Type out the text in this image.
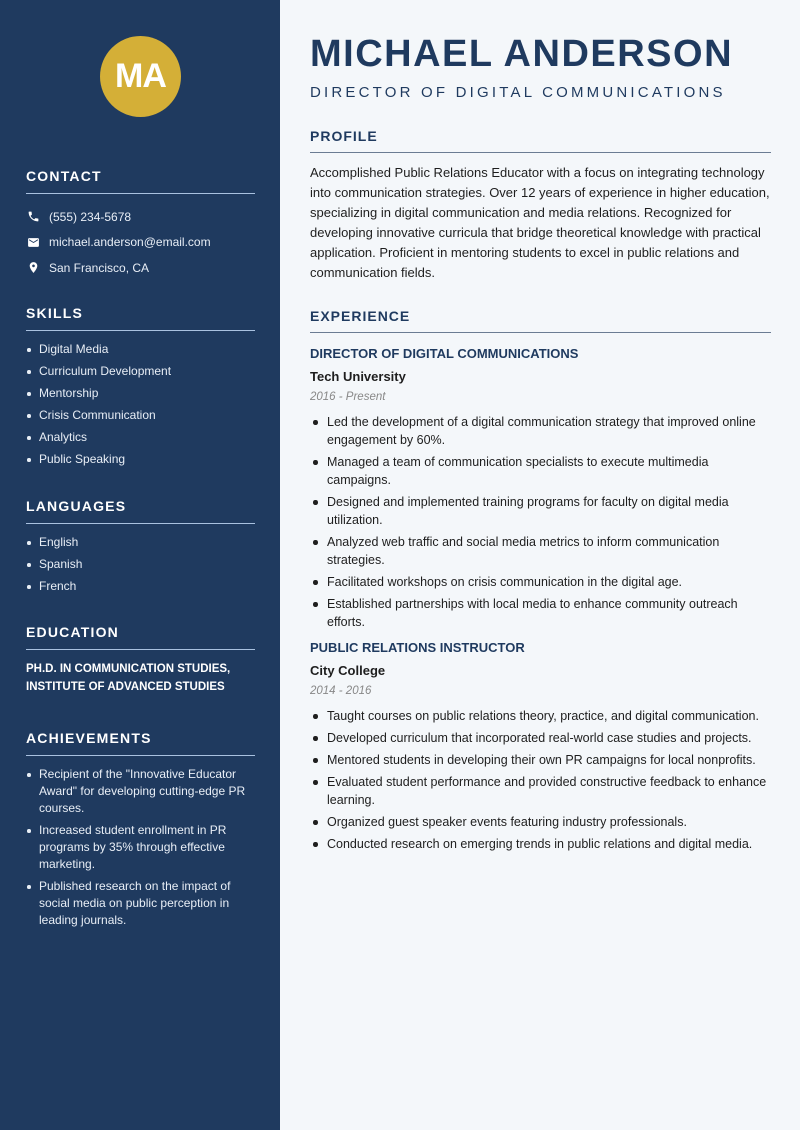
MA
CONTACT
(555) 234-5678
michael.anderson@email.com
San Francisco, CA
SKILLS
Digital Media
Curriculum Development
Mentorship
Crisis Communication
Analytics
Public Speaking
LANGUAGES
English
Spanish
French
EDUCATION

PH.D. IN COMMUNICATION STUDIES, INSTITUTE OF ADVANCED STUDIES

ACHIEVEMENTS
Recipient of the "Innovative Educator Award" for developing cutting-edge PR courses.
Increased student enrollment in PR programs by 35% through effective marketing.
Published research on the impact of social media on public perception in leading journals.
MICHAEL ANDERSON
DIRECTOR OF DIGITAL COMMUNICATIONS
PROFILE

Accomplished Public Relations Educator with a focus on integrating technology into communication strategies. Over 12 years of experience in higher education, specializing in digital communication and media relations. Recognized for developing innovative curricula that bridge theoretical knowledge with practical application. Proficient in mentoring students to excel in public relations and communication fields.

EXPERIENCE
DIRECTOR OF DIGITAL COMMUNICATIONS
Tech University
2016 - Present
Led the development of a digital communication strategy that improved online engagement by 60%.
Managed a team of communication specialists to execute multimedia campaigns.
Designed and implemented training programs for faculty on digital media utilization.
Analyzed web traffic and social media metrics to inform communication strategies.
Facilitated workshops on crisis communication in the digital age.
Established partnerships with local media to enhance community outreach efforts.
PUBLIC RELATIONS INSTRUCTOR
City College
2014 - 2016
Taught courses on public relations theory, practice, and digital communication.
Developed curriculum that incorporated real-world case studies and projects.
Mentored students in developing their own PR campaigns for local nonprofits.
Evaluated student performance and provided constructive feedback to enhance learning.
Organized guest speaker events featuring industry professionals.
Conducted research on emerging trends in public relations and digital media.
